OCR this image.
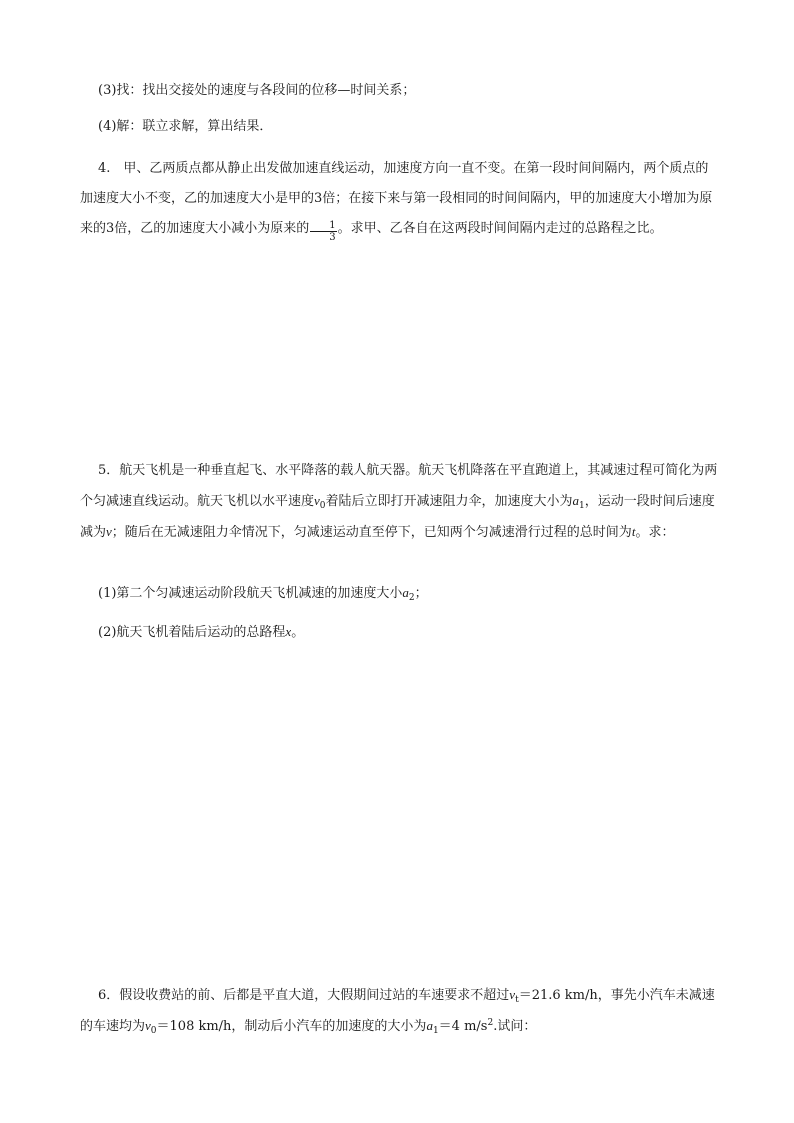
(3)找：找出交接处的速度与各段间的位移—时间关系；

(4)解：联立求解，算出结果．

4.　甲、乙两质点都从静止出发做加速直线运动，加速度方向一直不变。在第一段时间间隔内，两个质点的加速度大小不变，乙的加速度大小是甲的3倍；在接下来与第一段相同的时间间隔内，甲的加速度大小增加为原来的3倍，乙的加速度大小减小为原来的 $\frac{1}{3}$ 。求甲、乙各自在这两段时间间隔内走过的总路程之比。

5．航天飞机是一种垂直起飞、水平降落的载人航天器。航天飞机降落在平直跑道上，其减速过程可简化为两个匀减速直线运动。航天飞机以水平速度$v_0$着陆后立即打开减速阻力伞，加速度大小为$a_1$，运动一段时间后速度减为v；随后在无减速阻力伞情况下，匀减速运动直至停下，已知两个匀减速滑行过程的总时间为t。求：

(1)第二个匀减速运动阶段航天飞机减速的加速度大小$a_2$；

(2)航天飞机着陆后运动的总路程x。

6．假设收费站的前、后都是平直大道，大假期间过站的车速要求不超过$v_t=21.6$ km/h，事先小汽车未减速的车速均为$v_0=108$ km/h，制动后小汽车的加速度的大小为$a_1=4$ $m/s^2$.试问：
